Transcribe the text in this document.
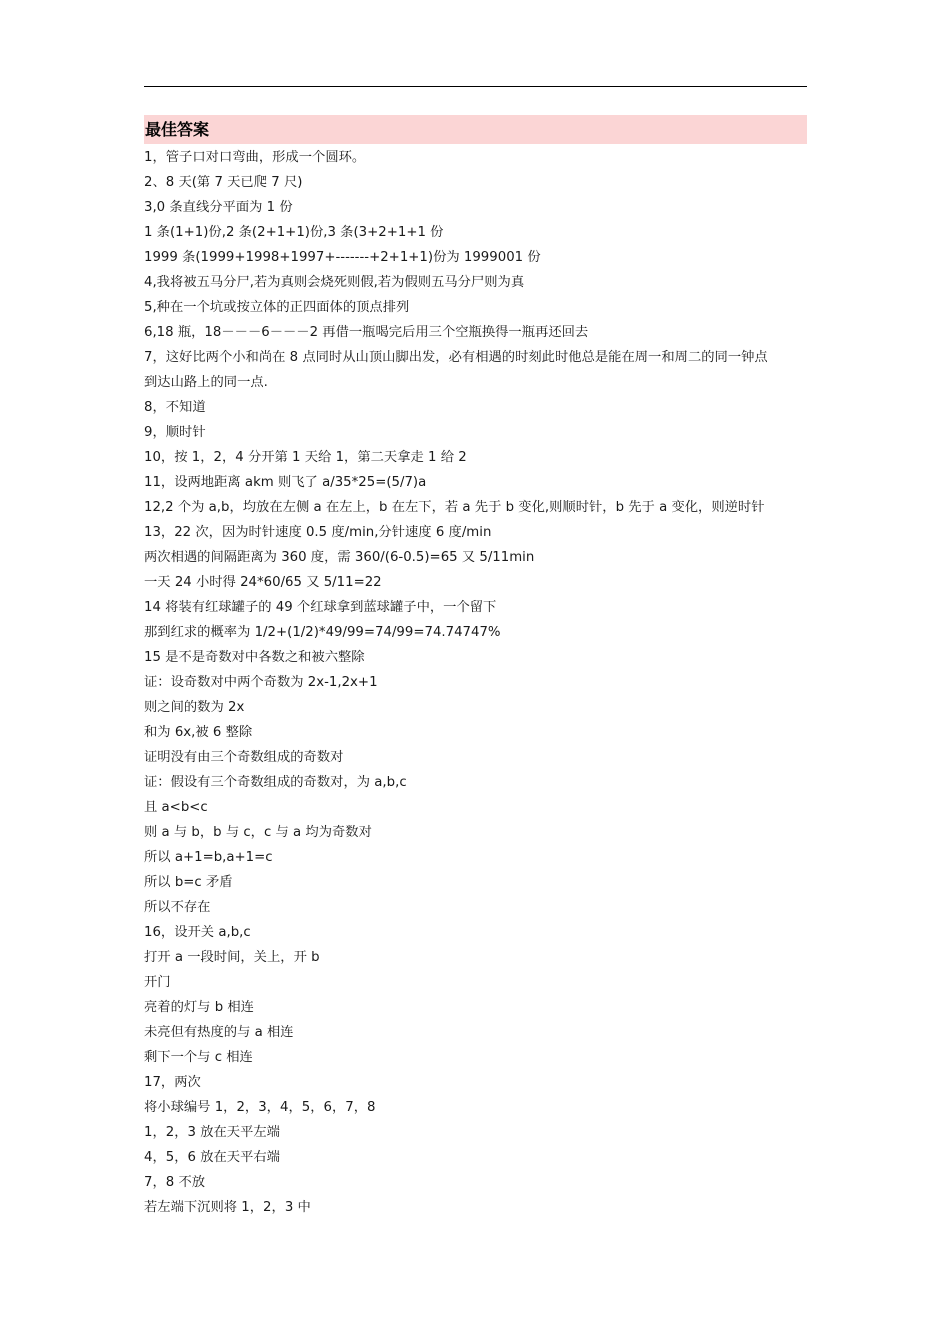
最佳答案
1，管子口对口弯曲，形成一个圆环。
2、8 天(第 7 天已爬 7 尺)
3,0 条直线分平面为 1 份
1 条(1+1)份,2 条(2+1+1)份,3 条(3+2+1+1 份
1999 条(1999+1998+1997+-------+2+1+1)份为 1999001 份
4,我将被五马分尸,若为真则会烧死则假,若为假则五马分尸则为真
5,种在一个坑或按立体的正四面体的顶点排列
6,18 瓶，18－－－6－－－2 再借一瓶喝完后用三个空瓶换得一瓶再还回去
7，这好比两个小和尚在 8 点同时从山顶山脚出发，必有相遇的时刻此时他总是能在周一和周二的同一钟点
到达山路上的同一点.
8，不知道
9，顺时针
10，按 1，2，4 分开第 1 天给 1，第二天拿走 1 给 2
11，设两地距离 akm 则飞了 a/35*25=(5/7)a
12,2 个为 a,b，均放在左侧 a 在左上，b 在左下，若 a 先于 b 变化,则顺时针，b 先于 a 变化，则逆时针
13，22 次，因为时针速度 0.5 度/min,分针速度 6 度/min
两次相遇的间隔距离为 360 度，需 360/(6-0.5)=65 又 5/11min
一天 24 小时得 24*60/65 又 5/11=22
14 将装有红球罐子的 49 个红球拿到蓝球罐子中，一个留下
那到红求的概率为 1/2+(1/2)*49/99=74/99=74.74747%
15 是不是奇数对中各数之和被六整除
证：设奇数对中两个奇数为 2x-1,2x+1
则之间的数为 2x
和为 6x,被 6 整除
证明没有由三个奇数组成的奇数对
证：假设有三个奇数组成的奇数对，为 a,b,c
且 a<b<c
则 a 与 b，b 与 c，c 与 a 均为奇数对
所以 a+1=b,a+1=c
所以 b=c 矛盾
所以不存在
16，设开关 a,b,c
打开 a 一段时间，关上，开 b
开门
亮着的灯与 b 相连
未亮但有热度的与 a 相连
剩下一个与 c 相连
17，两次
将小球编号 1，2，3，4，5，6，7，8
1，2，3 放在天平左端
4，5，6 放在天平右端
7，8 不放
若左端下沉则将 1，2，3 中
